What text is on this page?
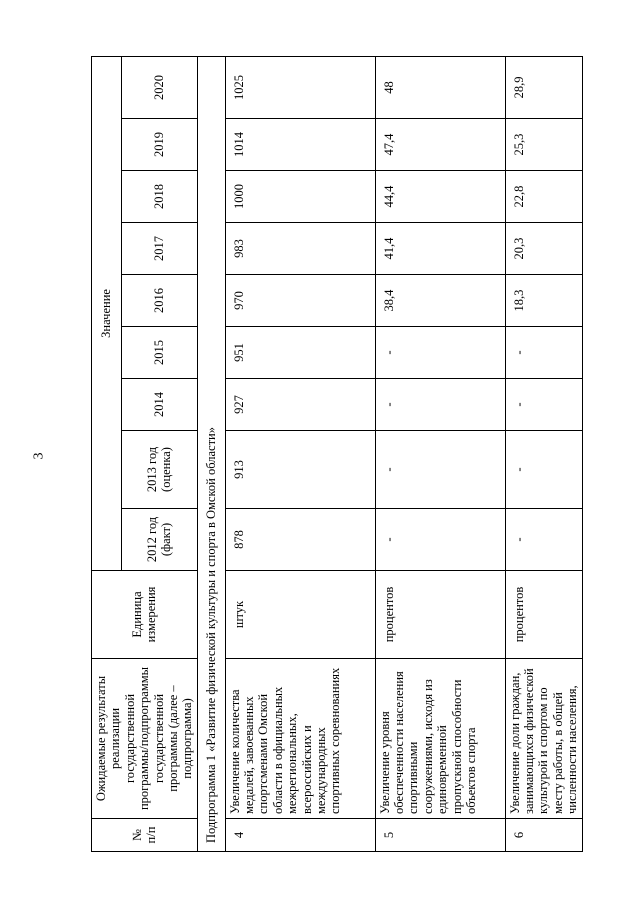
3
№ п/п	Ожидаемые результаты реализации государственной программы/подпрограммы государственной программы (далее – подпрограмма)	Единица измерения	Значение								
			2012 год (факт)	2013 год (оценка)	2014	2015	2016	2017	2018	2019	2020
Подпрограмма 1 «Развитие физической культуры и спорта в Омской области»											
4	Увеличение количества медалей, завоеванных спортсменами Омской области в официальных межрегиональных, всероссийских и международных спортивных соревнованиях	штук	878	913	927	951	970	983	1000	1014	1025
5	Увеличение уровня обеспеченности населения спортивными сооружениями, исходя из единовременной пропускной способности объектов спорта	процентов	-	-	-	-	38,4	41,4	44,4	47,4	48
6	Увеличение доли граждан, занимающихся физической культурой и спортом по месту работы, в общей численности населения,	процентов	-	-	-	-	18,3	20,3	22,8	25,3	28,9
